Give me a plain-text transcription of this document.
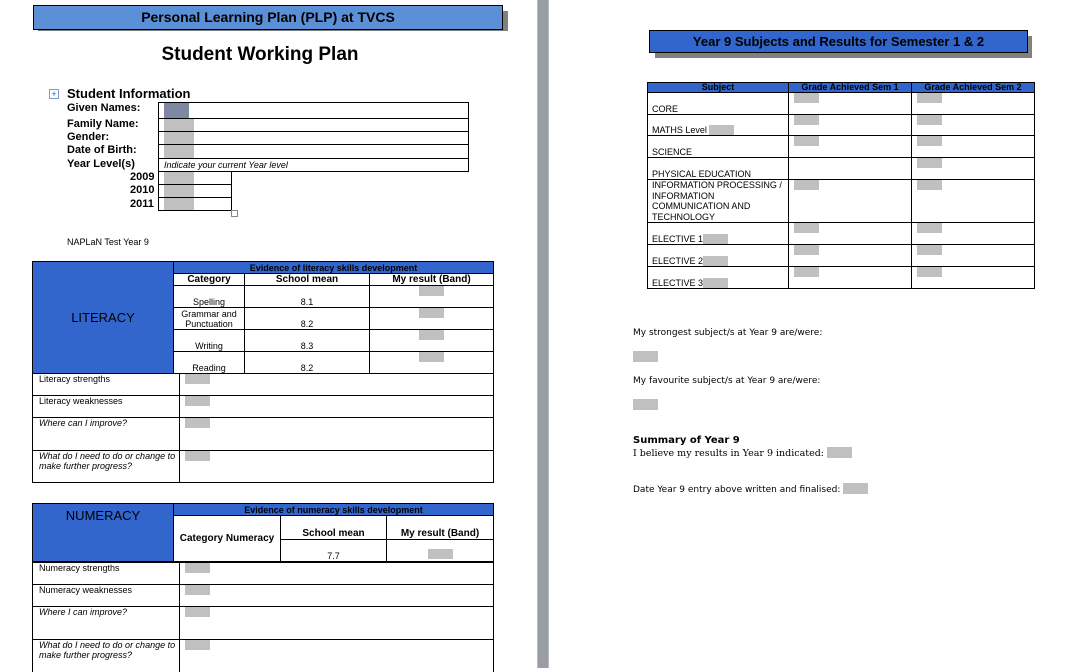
Personal Learning Plan (PLP) at TVCS
Student Working Plan
+ Student Information
Given Names:
Family Name:
Gender:
Date of Birth:
Year Level(s)
2009
2010
2011
Indicate your current Year level
NAPLaN Test Year 9
LITERACY	Evidence of literacy skills development		
	Category	School mean	My result (Band)
	Spelling	8.1	
	Grammar and Punctuation	8.2	
	Writing	8.3	
	Reading	8.2	
Literacy strengths	
Literacy weaknesses	
Where can I improve?	
What do I need to do or change to make further progress?	
NUMERACY	Evidence of numeracy skills development		
	Category Numeracy	School mean	My result (Band)
		7.7	
Numeracy strengths	
Numeracy weaknesses	
Where I can improve?	
What do I need to do or change to make further progress?	
Year 9 Subjects and Results for Semester 1 & 2
Subject	Grade Achieved Sem 1	Grade Achieved Sem 2
CORE		
MATHS Level		
SCIENCE		
PHYSICAL EDUCATION		
INFORMATION PROCESSING / INFORMATION COMMUNICATION AND TECHNOLOGY		
ELECTIVE 1		
ELECTIVE 2		
ELECTIVE 3		
My strongest subject/s at Year 9 are/were:
My favourite subject/s at Year 9 are/were:
Summary of Year 9
I believe my results in Year 9 indicated:
Date Year 9 entry above written and finalised:
